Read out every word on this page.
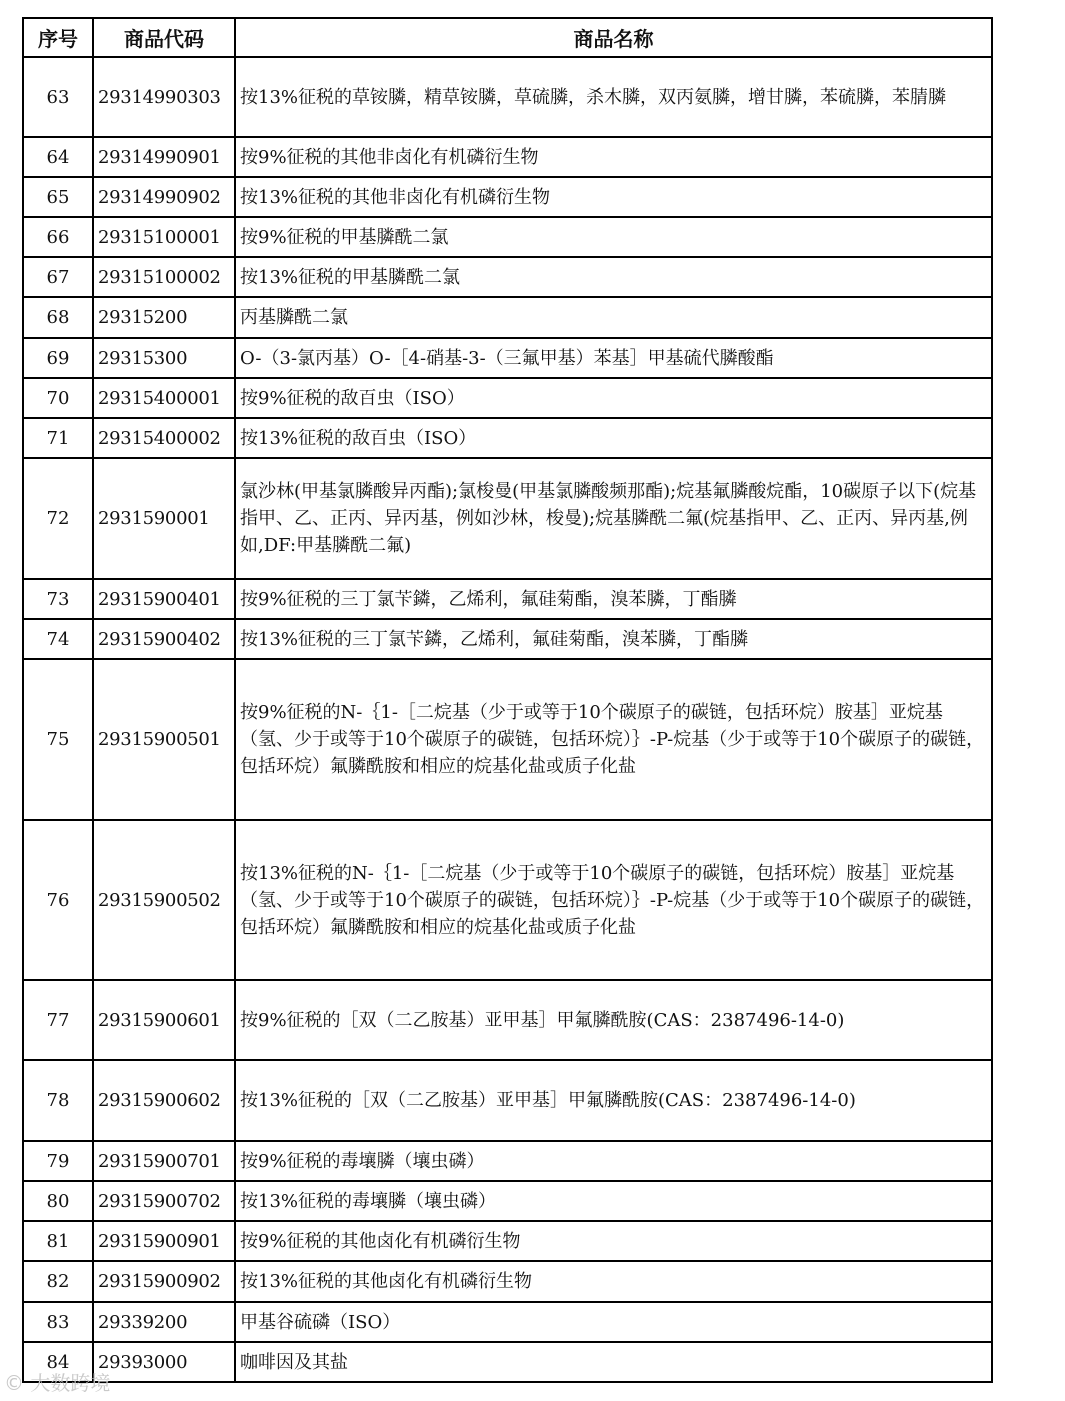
序号	商品代码	商品名称
63	29314990303	按13%征税的草铵膦，精草铵膦，草硫膦，杀木膦，双丙氨膦，增甘膦，苯硫膦，苯腈膦
64	29314990901	按9%征税的其他非卤化有机磷衍生物
65	29314990902	按13%征税的其他非卤化有机磷衍生物
66	29315100001	按9%征税的甲基膦酰二氯
67	29315100002	按13%征税的甲基膦酰二氯
68	29315200	丙基膦酰二氯
69	29315300	O-（3-氯丙基）O-［4-硝基-3-（三氟甲基）苯基］甲基硫代膦酸酯
70	29315400001	按9%征税的敌百虫（ISO）
71	29315400002	按13%征税的敌百虫（ISO）
72	2931590001	氯沙林(甲基氯膦酸异丙酯);氯梭曼(甲基氯膦酸频那酯);烷基氟膦酸烷酯，10碳原子以下(烷基指甲、乙、正丙、异丙基，例如沙林，梭曼);烷基膦酰二氟(烷基指甲、乙、正丙、异丙基,例如,DF:甲基膦酰二氟)
73	29315900401	按9%征税的三丁氯苄鏻，乙烯利，氟硅菊酯，溴苯膦，丁酯膦
74	29315900402	按13%征税的三丁氯苄鏻，乙烯利，氟硅菊酯，溴苯膦，丁酯膦
75	29315900501	按9%征税的N-｛1-［二烷基（少于或等于10个碳原子的碳链，包括环烷）胺基］亚烷基（氢、少于或等于10个碳原子的碳链，包括环烷）｝-P-烷基（少于或等于10个碳原子的碳链，包括环烷）氟膦酰胺和相应的烷基化盐或质子化盐
76	29315900502	按13%征税的N-｛1-［二烷基（少于或等于10个碳原子的碳链，包括环烷）胺基］亚烷基（氢、少于或等于10个碳原子的碳链，包括环烷）｝-P-烷基（少于或等于10个碳原子的碳链，包括环烷）氟膦酰胺和相应的烷基化盐或质子化盐
77	29315900601	按9%征税的［双（二乙胺基）亚甲基］甲氟膦酰胺(CAS：2387496-14-0)
78	29315900602	按13%征税的［双（二乙胺基）亚甲基］甲氟膦酰胺(CAS：2387496-14-0)
79	29315900701	按9%征税的毒壤膦（壤虫磷）
80	29315900702	按13%征税的毒壤膦（壤虫磷）
81	29315900901	按9%征税的其他卤化有机磷衍生物
82	29315900902	按13%征税的其他卤化有机磷衍生物
83	29339200	甲基谷硫磷（ISO）
84	29393000	咖啡因及其盐
© 大数跨境
